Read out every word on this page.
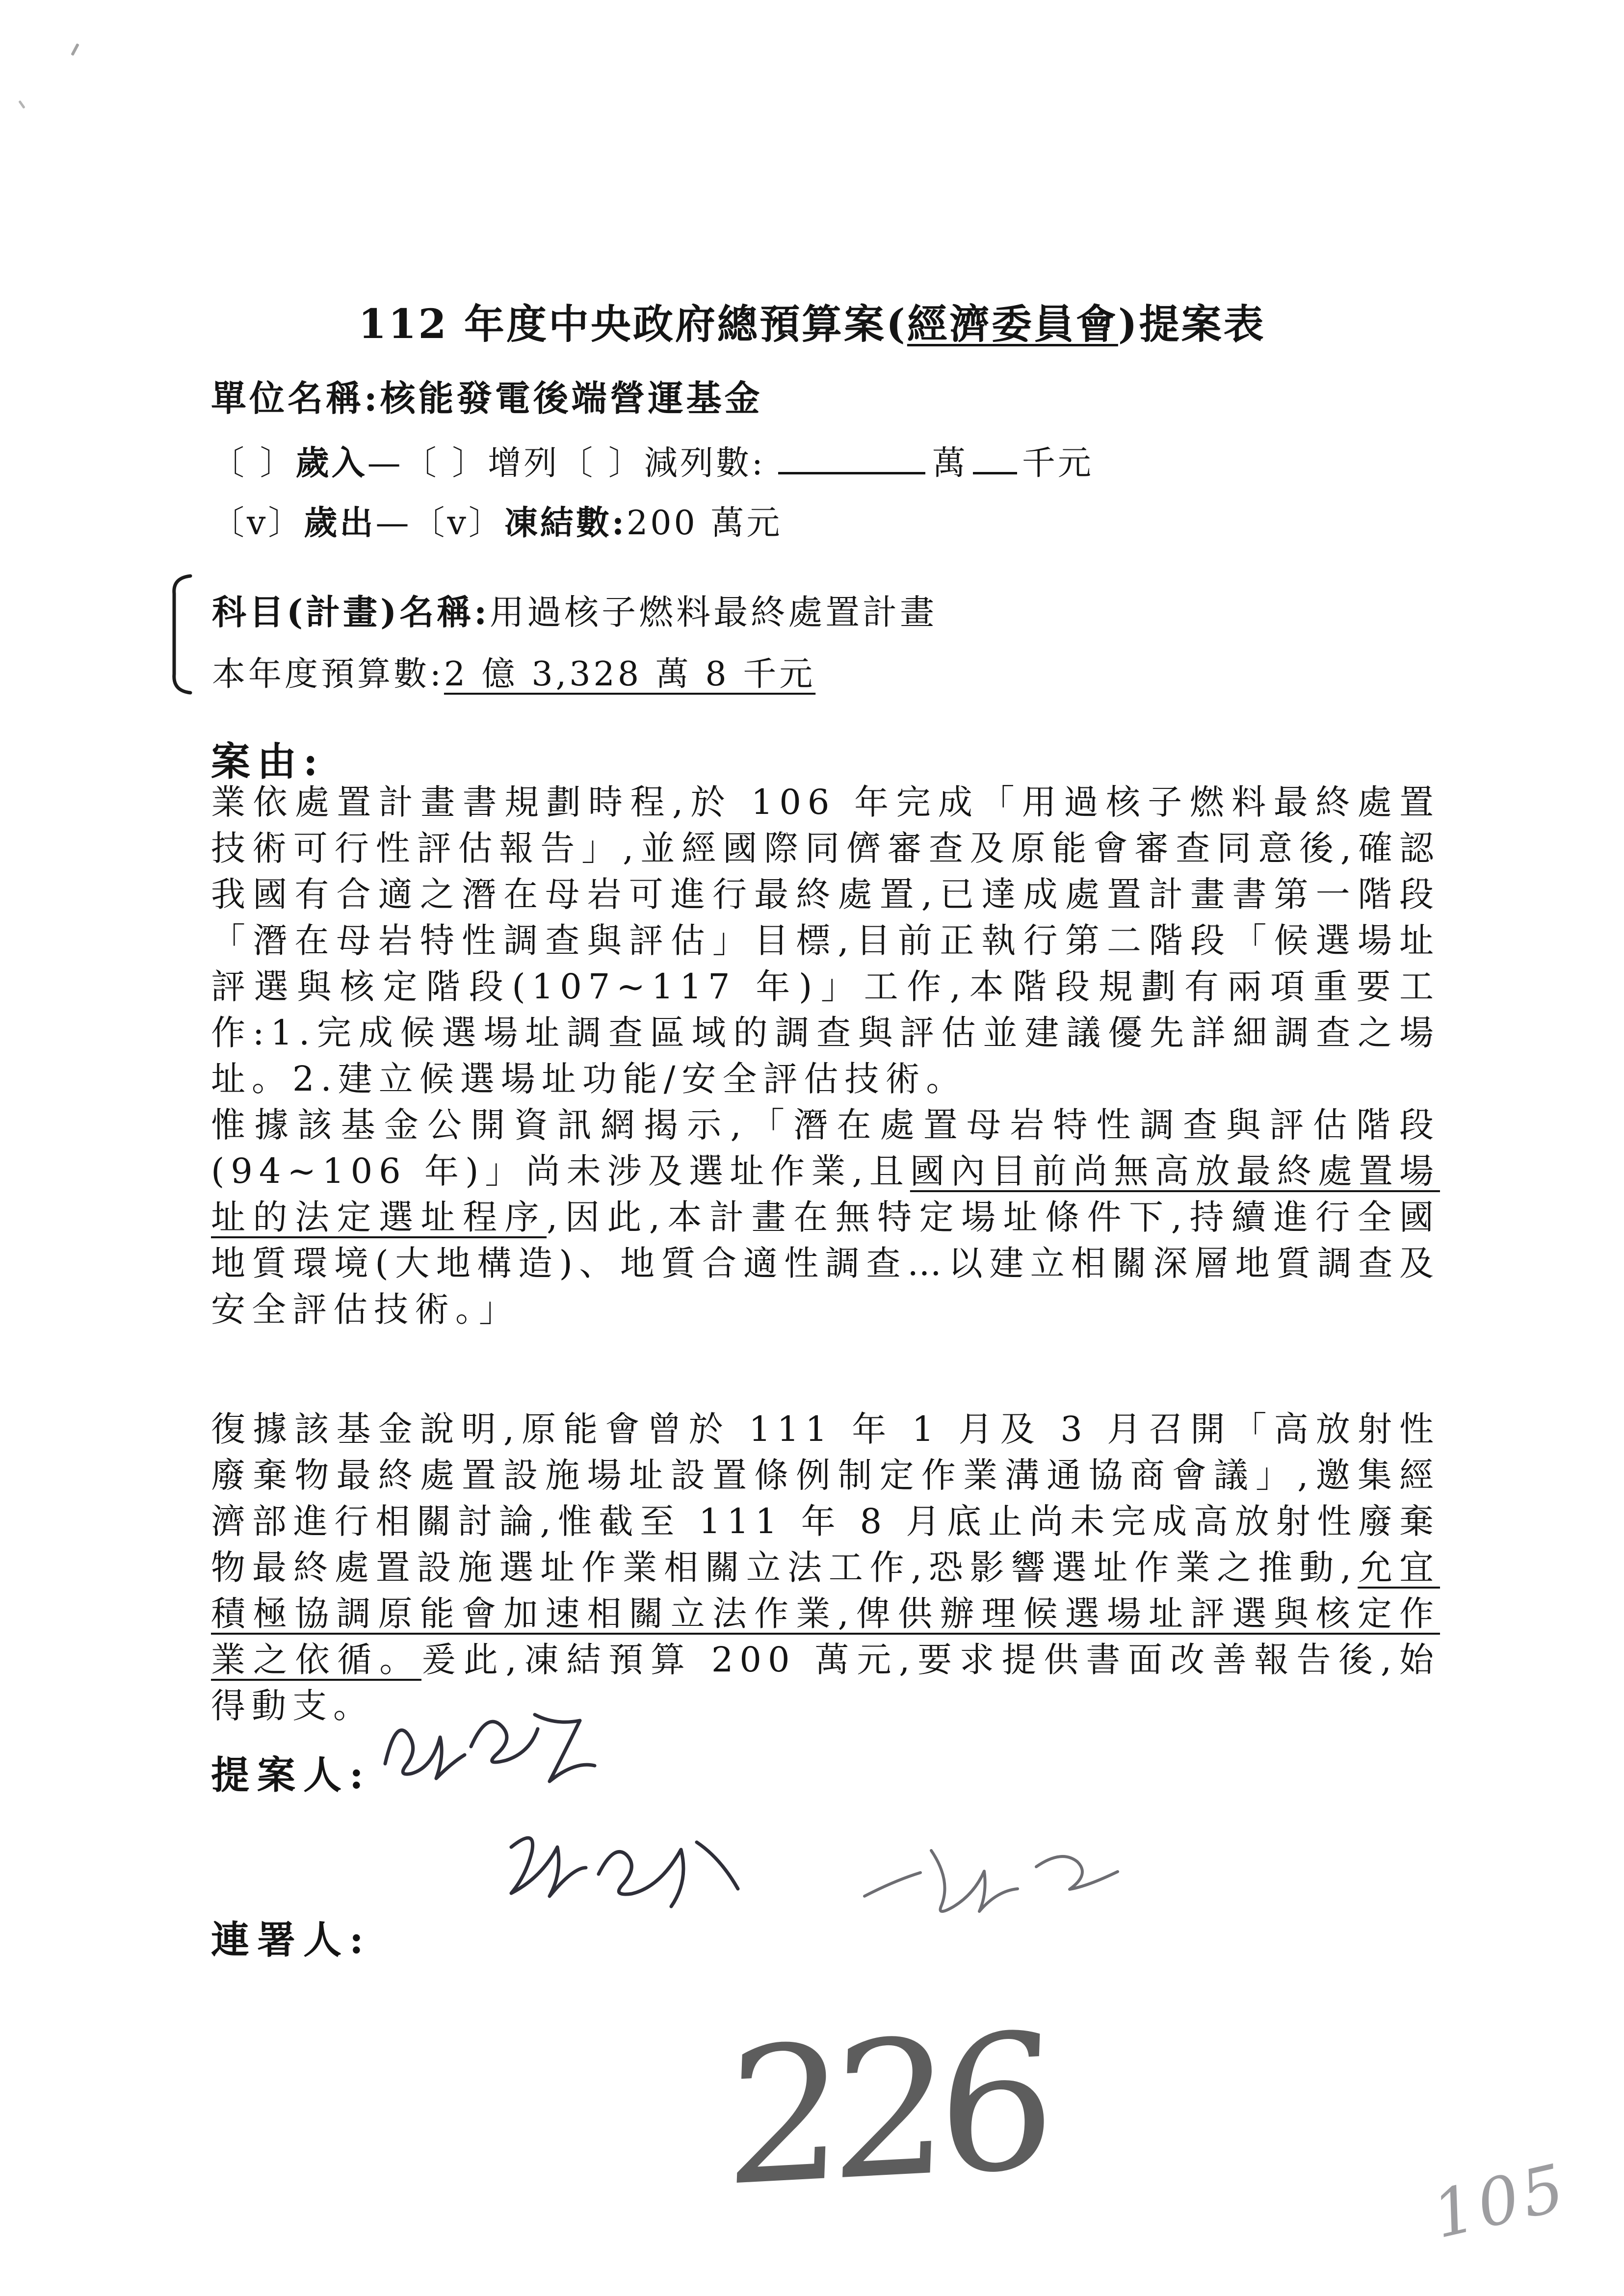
112 年度中央政府總預算案(經濟委員會)提案表
單位名稱:核能發電後端營運基金
〔 〕歲入—〔 〕增列〔 〕減列數:	萬 千元
〔v〕歲出—〔v〕凍結數:200 萬元
科目(計畫)名稱:用過核子燃料最終處置計畫
本年度預算數:2 億 3,328 萬 8 千元
案由:
業依處置計畫書規劃時程,於 106 年完成「用過核子燃料最終處置技術可行性評估報告」,並經國際同儕審查及原能會審查同意後,確認我國有合適之潛在母岩可進行最終處置,已達成處置計畫書第一階段「潛在母岩特性調查與評估」目標,目前正執行第二階段「候選場址評選與核定階段(107~117 年)」工作,本階段規劃有兩項重要工作:1.完成候選場址調查區域的調查與評估並建議優先詳細調查之場址。2.建立候選場址功能/安全評估技術。
惟據該基金公開資訊網揭示,「潛在處置母岩特性調查與評估階段(94~106 年)」尚未涉及選址作業,且國內目前尚無高放最終處置場址的法定選址程序,因此,本計畫在無特定場址條件下,持續進行全國地質環境(大地構造)、地質合適性調查…以建立相關深層地質調查及安全評估技術。」
復據該基金說明,原能會曾於 111 年 1 月及 3 月召開「高放射性廢棄物最終處置設施場址設置條例制定作業溝通協商會議」,邀集經濟部進行相關討論,惟截至 111 年 8 月底止尚未完成高放射性廢棄物最終處置設施選址作業相關立法工作,恐影響選址作業之推動,允宜積極協調原能會加速相關立法作業,俾供辦理候選場址評選與核定作業之依循。爰此,凍結預算 200 萬元,要求提供書面改善報告後,始得動支。
提案人:
連署人:
226	105
